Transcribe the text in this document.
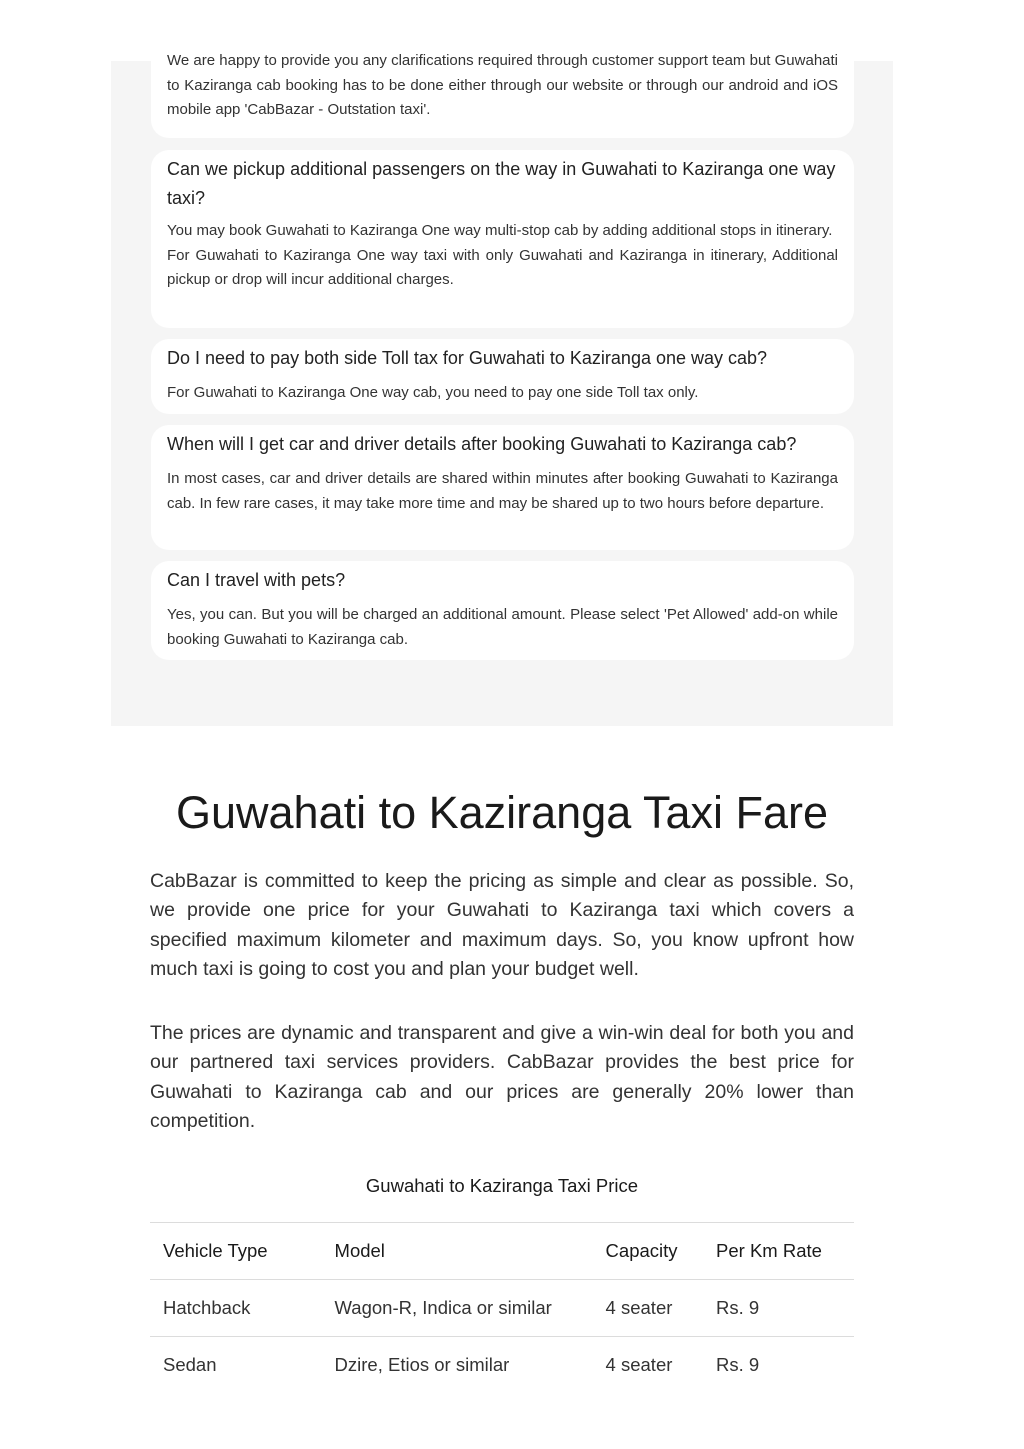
We are happy to provide you any clarifications required through customer support team but Guwahati to Kaziranga cab booking has to be done either through our website or through our android and iOS mobile app 'CabBazar - Outstation taxi'.

Can we pickup additional passengers on the way in Guwahati to Kaziranga one way taxi?

You may book Guwahati to Kaziranga One way multi-stop cab by adding additional stops in itinerary.

For Guwahati to Kaziranga One way taxi with only Guwahati and Kaziranga in itinerary, Additional pickup or drop will incur additional charges.

Do I need to pay both side Toll tax for Guwahati to Kaziranga one way cab?

For Guwahati to Kaziranga One way cab, you need to pay one side Toll tax only.

When will I get car and driver details after booking Guwahati to Kaziranga cab?

In most cases, car and driver details are shared within minutes after booking Guwahati to Kaziranga cab. In few rare cases, it may take more time and may be shared up to two hours before departure.

Can I travel with pets?

Yes, you can. But you will be charged an additional amount. Please select 'Pet Allowed' add-on while booking Guwahati to Kaziranga cab.

Guwahati to Kaziranga Taxi Fare

CabBazar is committed to keep the pricing as simple and clear as possible. So, we provide one price for your Guwahati to Kaziranga taxi which covers a specified maximum kilometer and maximum days. So, you know upfront how much taxi is going to cost you and plan your budget well.

The prices are dynamic and transparent and give a win-win deal for both you and our partnered taxi services providers. CabBazar provides the best price for Guwahati to Kaziranga cab and our prices are generally 20% lower than competition.

Guwahati to Kaziranga Taxi Price
Vehicle Type	Model	Capacity	Per Km Rate
Hatchback	Wagon-R, Indica or similar	4 seater	Rs. 9
Sedan	Dzire, Etios or similar	4 seater	Rs. 9
